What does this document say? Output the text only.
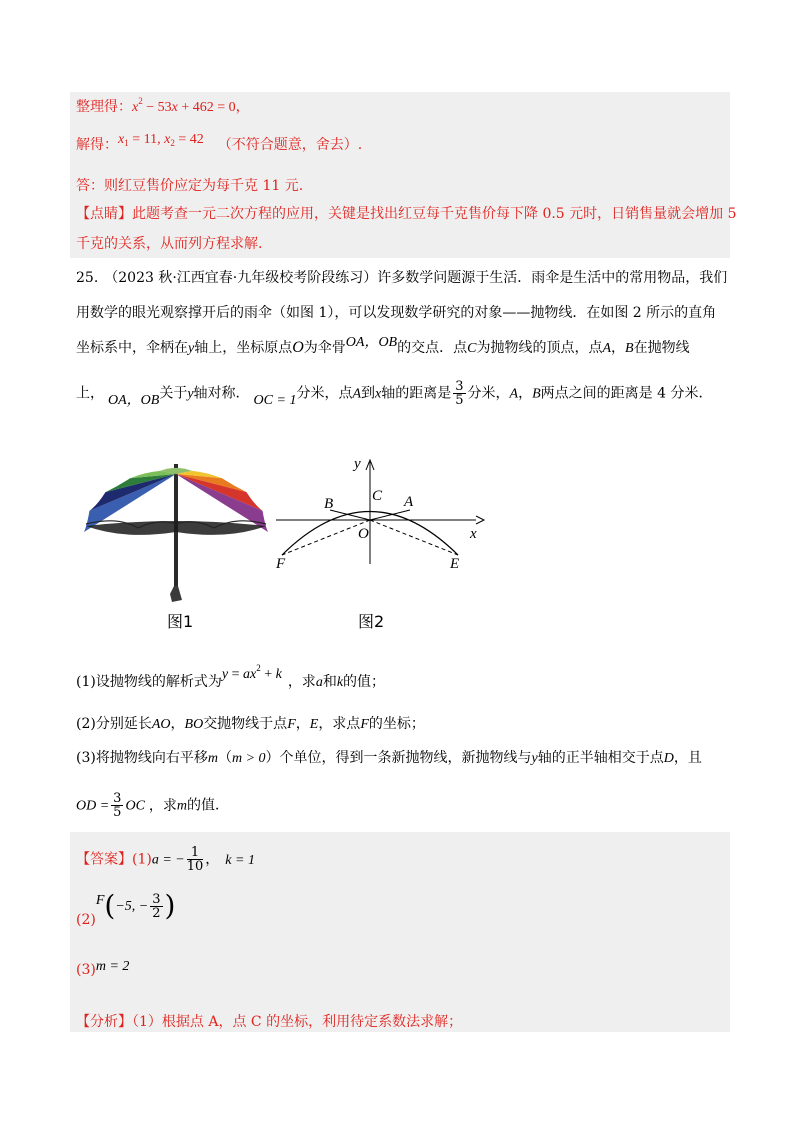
整理得：$x^2 - 53x + 462 = 0$，
解得：$x_1 = 11$, $x_2 = 42$ （不符合题意，舍去）.
答：则红豆售价应定为每千克 11 元.
【点睛】此题考查一元二次方程的应用，关键是找出红豆每千克售价每下降 0.5 元时，日销售量就会增加 5
千克的关系，从而列方程求解.
25. （2023 秋·江西宜春·九年级校考阶段练习）许多数学问题源于生活．雨伞是生活中的常用物品，我们
用数学的眼光观察撑开后的雨伞（如图 1），可以发现数学研究的对象——抛物线．在如图 2 所示的直角
坐标系中，伞柄在y轴上，坐标原点O为伞骨OA，OB的交点．点C为抛物线的顶点，点A，B在抛物线
上， OA，OB关于y轴对称． OC = 1分米，点A到x轴的距离是 $\frac{3}{5}$ 分米，A，B两点之间的距离是 4 分米．
图1
y
x
B	C A
O
F	E
图2
(1)设抛物线的解析式为$y = ax^2 + k$ ，求a和k的值；
(2)分别延长AO，BO交抛物线于点F，E，求点F的坐标；
(3)将抛物线向右平移m（m > 0）个单位，得到一条新抛物线，新抛物线与y轴的正半轴相交于点D，且
OD = $\frac{3}{5}$ OC ，求m的值．
【答案】(1)a = − $\frac{1}{10}$ ， k = 1
(2)F(−5, − $\frac{3}{2}$ )
(3)m = 2
【分析】（1）根据点 A，点 C 的坐标，利用待定系数法求解；
